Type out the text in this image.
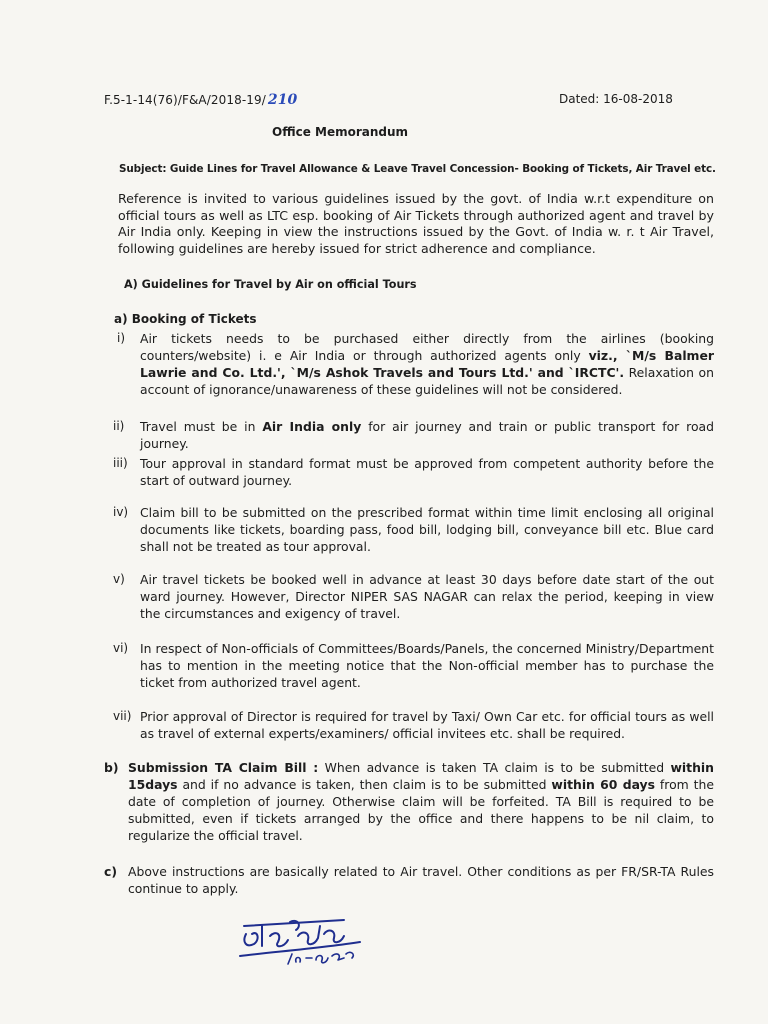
F.5-1-14(76)/F&A/2018-19/ 210	Dated: 16-08-2018
Office Memorandum
Subject: Guide Lines for Travel Allowance & Leave Travel Concession- Booking of Tickets, Air Travel etc.
Reference is invited to various guidelines issued by the govt. of India w.r.t expenditure on official tours as well as LTC esp. booking of Air Tickets through authorized agent and travel by Air India only. Keeping in view the instructions issued by the Govt. of India w. r. t Air Travel, following guidelines are hereby issued for strict adherence and compliance.
A) Guidelines for Travel by Air on official Tours
a) Booking of Tickets
i) Air tickets needs to be purchased either directly from the airlines (booking counters/website) i. e Air India or through authorized agents only viz., `M/s Balmer Lawrie and Co. Ltd.', `M/s Ashok Travels and Tours Ltd.' and `IRCTC'. Relaxation on account of ignorance/unawareness of these guidelines will not be considered.
ii) Travel must be in Air India only for air journey and train or public transport for road journey.
iii) Tour approval in standard format must be approved from competent authority before the start of outward journey.
iv) Claim bill to be submitted on the prescribed format within time limit enclosing all original documents like tickets, boarding pass, food bill, lodging bill, conveyance bill etc. Blue card shall not be treated as tour approval.
v) Air travel tickets be booked well in advance at least 30 days before date start of the out ward journey. However, Director NIPER SAS NAGAR can relax the period, keeping in view the circumstances and exigency of travel.
vi) In respect of Non-officials of Committees/Boards/Panels, the concerned Ministry/Department has to mention in the meeting notice that the Non-official member has to purchase the ticket from authorized travel agent.
vii) Prior approval of Director is required for travel by Taxi/ Own Car etc. for official tours as well as travel of external experts/examiners/ official invitees etc. shall be required.
b) Submission TA Claim Bill : When advance is taken TA claim is to be submitted within 15days and if no advance is taken, then claim is to be submitted within 60 days from the date of completion of journey. Otherwise claim will be forfeited. TA Bill is required to be submitted, even if tickets arranged by the office and there happens to be nil claim, to regularize the official travel.
c) Above instructions are basically related to Air travel. Other conditions as per FR/SR-TA Rules continue to apply.
